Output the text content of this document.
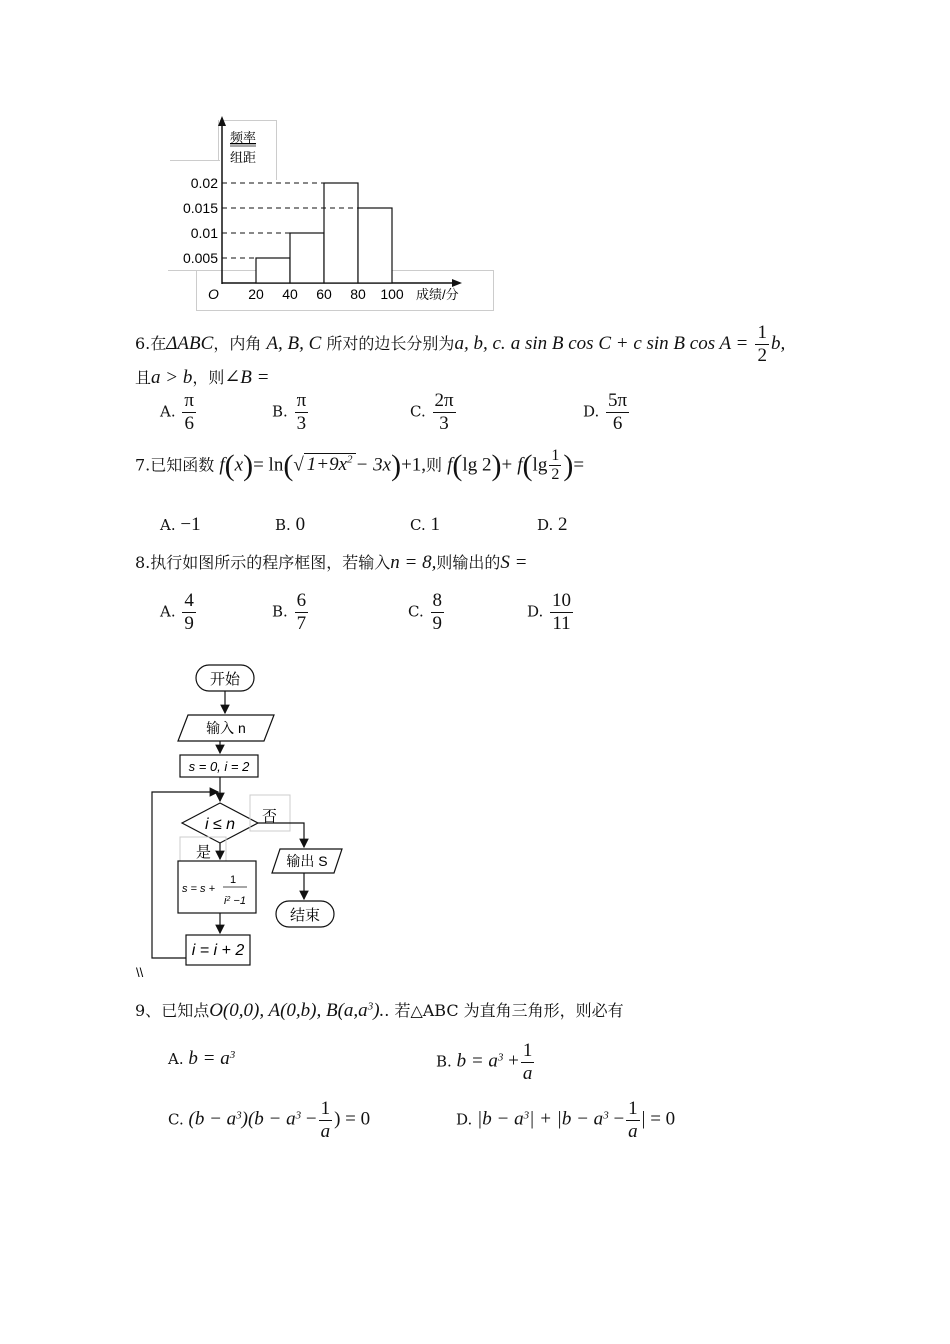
0.005
0.01
0.015
0.02
20 40 60 80 100
频率
组距
O	成绩/分
6.在ΔABC，内角 A, B, C 所对的边长分别为a, b, c. a sin B cos C + c sin B $\cos A = \frac{1}{2} b$,
且a > b，则∠B =
A. $\frac{\pi}{6}$	B. $\frac{\pi}{3}$	C. $\frac{2\pi}{3}$	D. $\frac{5\pi}{6}$
7.已知函数 f(x)= ln(√ $1+9x^2 - 3x)+1$,则 f(lg $2)+ f(\lg \frac{1}{2}$ )=
A. −1	B. 0	C. 1	D. 2
8.执行如图所示的程序框图，若输入n = 8,则输出的S =
A. $\frac{4}{9}$	B. $\frac{6}{7}$	C. $\frac{8}{9}$	D. $\frac{10}{11}$
开始
输入 n
s = 0, i = 2
i ≤ n 否
输出 S
结束
是
s = s +
1
$i^2 -1$
i = i + 2
\\
9、已知点O(0,0), A(0,b), $B(a,a^3)$.. 若△ABC 为直角三角形，则必有
A. $b = a^3$	B. $b = a^3 + \frac{1}{a}$
C. $(b - a^3)(b - a^3 - \frac{1}{a}$ ) = 0	D. $|b - a^3| + |b - a^3 - \frac{1}{a}$ | = 0
